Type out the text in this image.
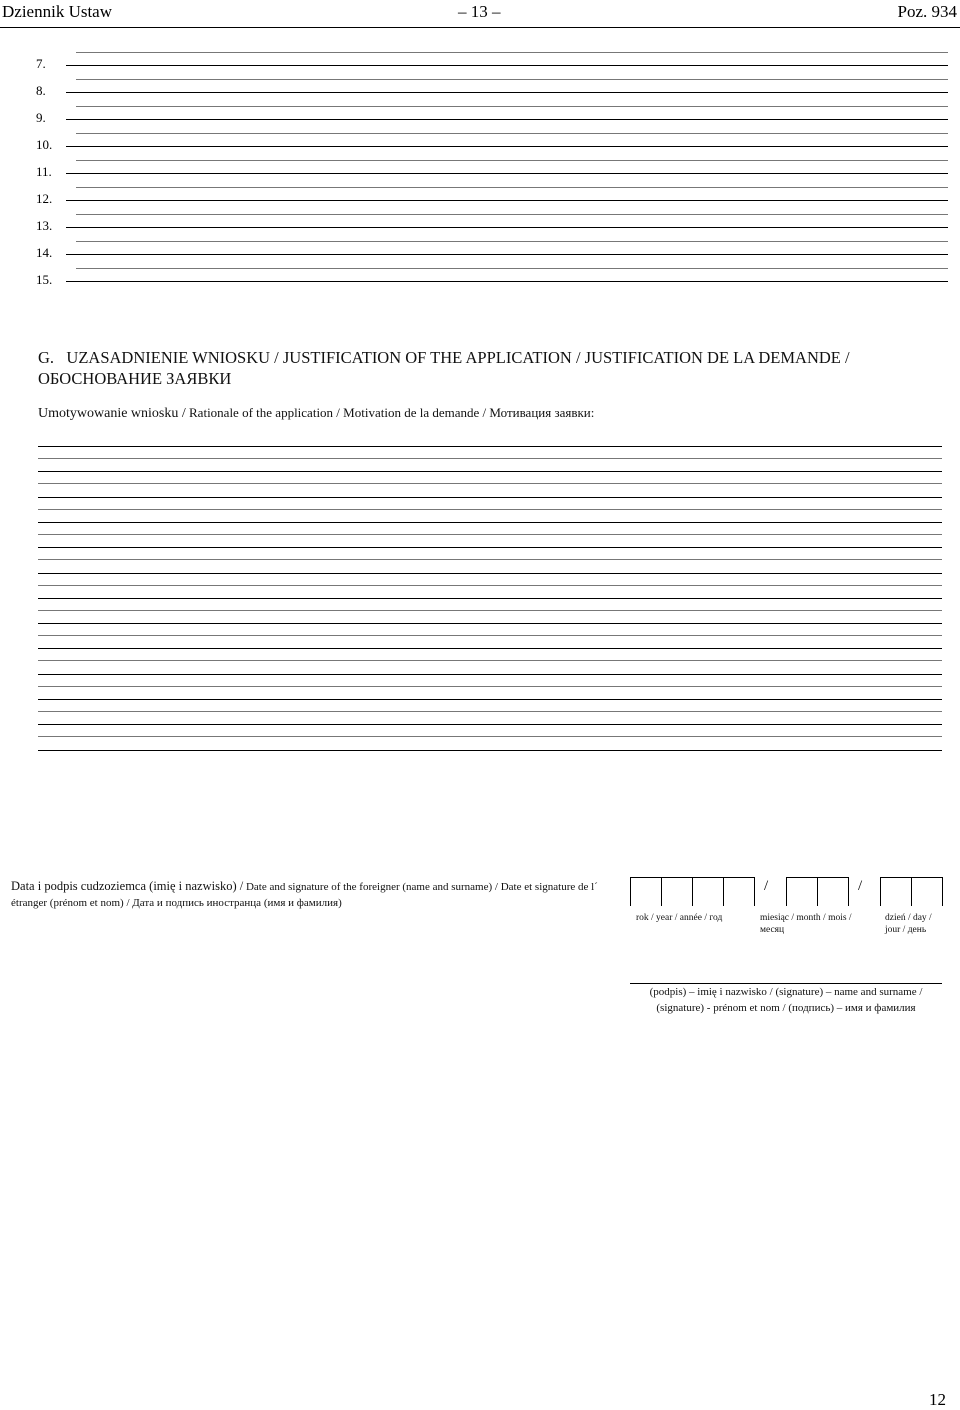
Dziennik Ustaw	– 13 –	Poz. 934
7.
8.
9.
10.
11.
12.
13.
14.
15.
G. UZASADNIENIE WNIOSKU / JUSTIFICATION OF THE APPLICATION / JUSTIFICATION DE LA DEMANDE / ОБОСНОВАНИЕ ЗАЯВКИ
Umotywowanie wniosku / Rationale of the application / Motivation de la demande / Мотивация заявки:
Data i podpis cudzoziemca (imię i nazwisko) / Date and signature of the foreigner (name and surname) / Date et signature de l´ étranger (prénom et nom) / Дата и подпись иностранца (имя и фамилия)
/	/
rok / year / année / год	miesiąc / month / mois / месяц
dzień / day / jour / день
(podpis) – imię i nazwisko / (signature) – name and surname / (signature) - prénom et nom / (подпись) – имя и фамилия
12
